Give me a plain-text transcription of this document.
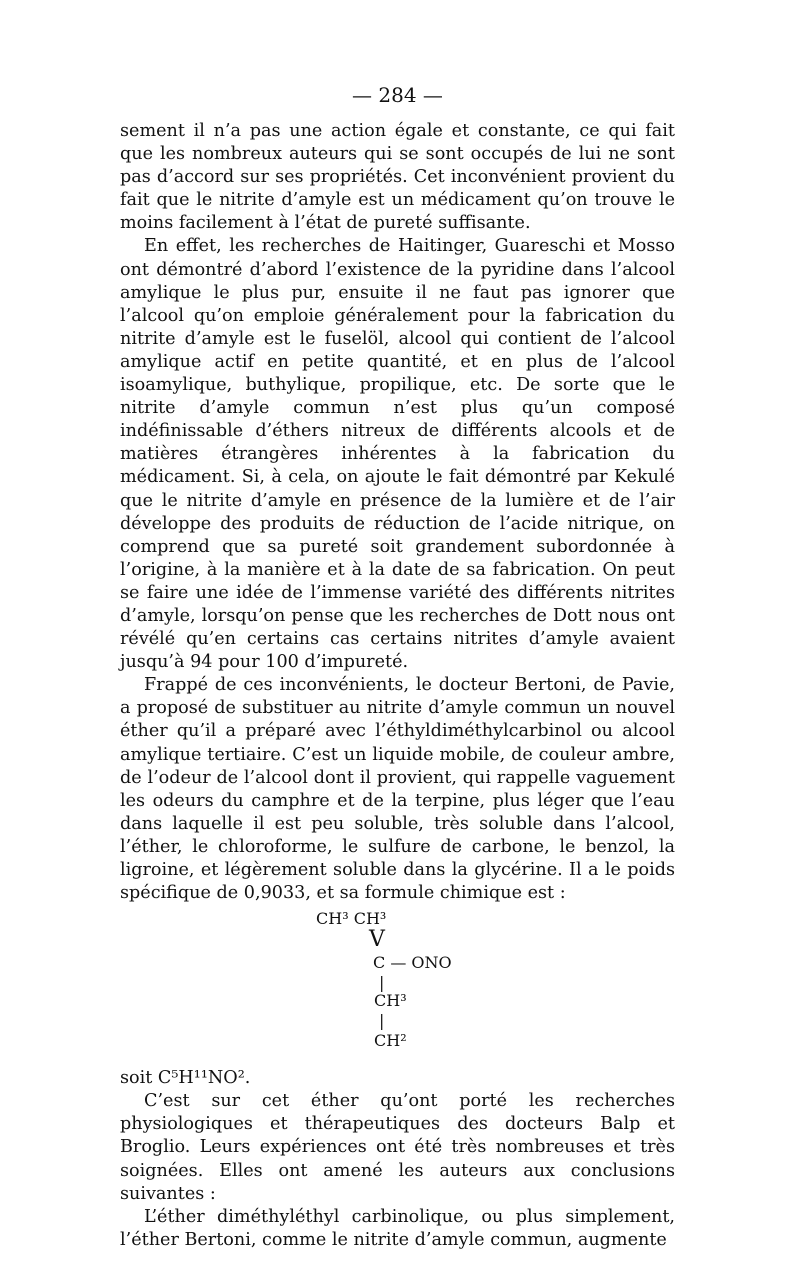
— 284 —

sement il n’a pas une action égale et constante, ce qui fait que les nombreux auteurs qui se sont occupés de lui ne sont pas d’accord sur ses propriétés. Cet inconvénient provient du fait que le nitrite d’amyle est un médicament qu’on trouve le moins facilement à l’état de pureté suffisante.

En effet, les recherches de Haitinger, Guareschi et Mosso ont démontré d’abord l’existence de la pyridine dans l’alcool amylique le plus pur, ensuite il ne faut pas ignorer que l’alcool qu’on emploie généralement pour la fabrication du nitrite d’amyle est le fuselöl, alcool qui contient de l’alcool amylique actif en petite quantité, et en plus de l’alcool isoamylique, buthylique, propilique, etc. De sorte que le nitrite d’amyle commun n’est plus qu’un composé indéfinissable d’éthers nitreux de différents alcools et de matières étrangères inhérentes à la fabrication du médicament. Si, à cela, on ajoute le fait démontré par Kekulé que le nitrite d’amyle en présence de la lumière et de l’air développe des produits de réduction de l’acide nitrique, on comprend que sa pureté soit grandement subordonnée à l’origine, à la manière et à la date de sa fabrication. On peut se faire une idée de l’immense variété des différents nitrites d’amyle, lorsqu’on pense que les recherches de Dott nous ont révélé qu’en certains cas certains nitrites d’amyle avaient jusqu’à 94 pour 100 d’impureté.

Frappé de ces inconvénients, le docteur Bertoni, de Pavie, a proposé de substituer au nitrite d’amyle commun un nouvel éther qu’il a préparé avec l’éthyldiméthylcarbinol ou alcool amylique tertiaire. C’est un liquide mobile, de couleur ambre, de l’odeur de l’alcool dont il provient, qui rappelle vaguement les odeurs du camphre et de la terpine, plus léger que l’eau dans laquelle il est peu soluble, très soluble dans l’alcool, l’éther, le chloroforme, le sulfure de carbone, le benzol, la ligroine, et légèrement soluble dans la glycérine. Il a le poids spécifique de 0,9033, et sa formule chimique est :

CH³ CH³
V
C — ONO
|
CH³
|
CH²

soit C⁵H¹¹NO².

C’est sur cet éther qu’ont porté les recherches physiologiques et thérapeutiques des docteurs Balp et Broglio. Leurs expériences ont été très nombreuses et très soignées. Elles ont amené les auteurs aux conclusions suivantes :

L’éther diméthyléthyl carbinolique, ou plus simplement, l’éther Bertoni, comme le nitrite d’amyle commun, augmente
